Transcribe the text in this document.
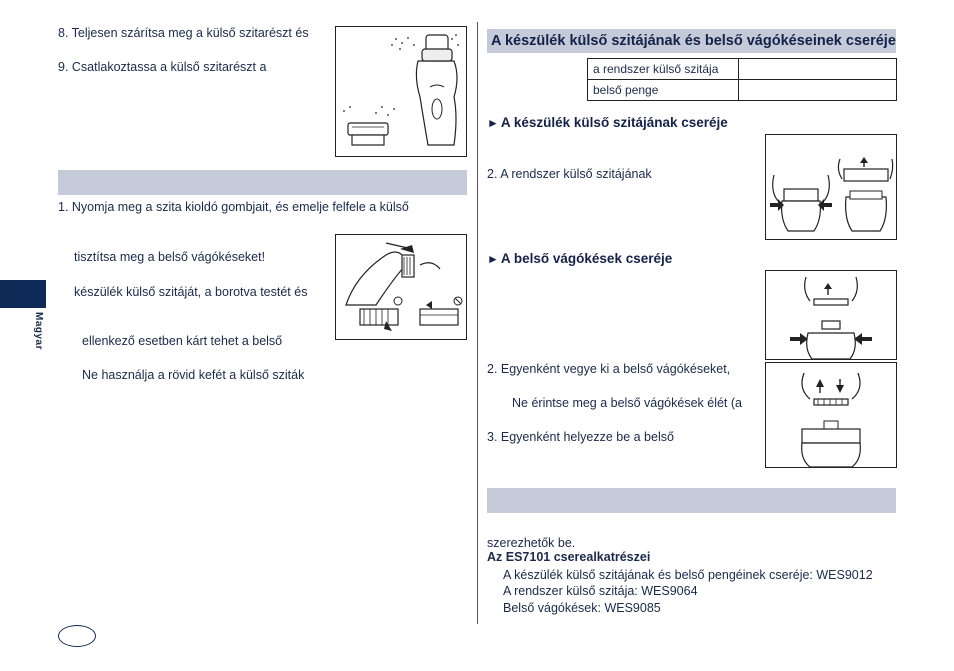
8. Teljesen szárítsa meg a külső szitarészt és
9. Csatlakoztassa a külső szitarészt a
1. Nyomja meg a szita kioldó gombjait, és emelje felfele a külső
tisztítsa meg a belső vágókéseket!
készülék külső szitáját, a borotva testét és
ellenkező esetben kárt tehet a belső
Ne használja a rövid kefét a külső sziták
Magyar
A készülék külső szitájának és belső vágókéseinek cseréje
a rendszer külső szitája	
belső penge	
► A készülék külső szitájának cseréje
2. A rendszer külső szitájának
► A belső vágókések cseréje
2. Egyenként vegye ki a belső vágókéseket,
Ne érintse meg a belső vágókések élét (a
3. Egyenként helyezze be a belső
szerezhetők be.
Az ES7101 cserealkatrészei
A készülék külső szitájának és belső pengéinek cseréje: WES9012
A rendszer külső szitája: WES9064
Belső vágókések: WES9085
